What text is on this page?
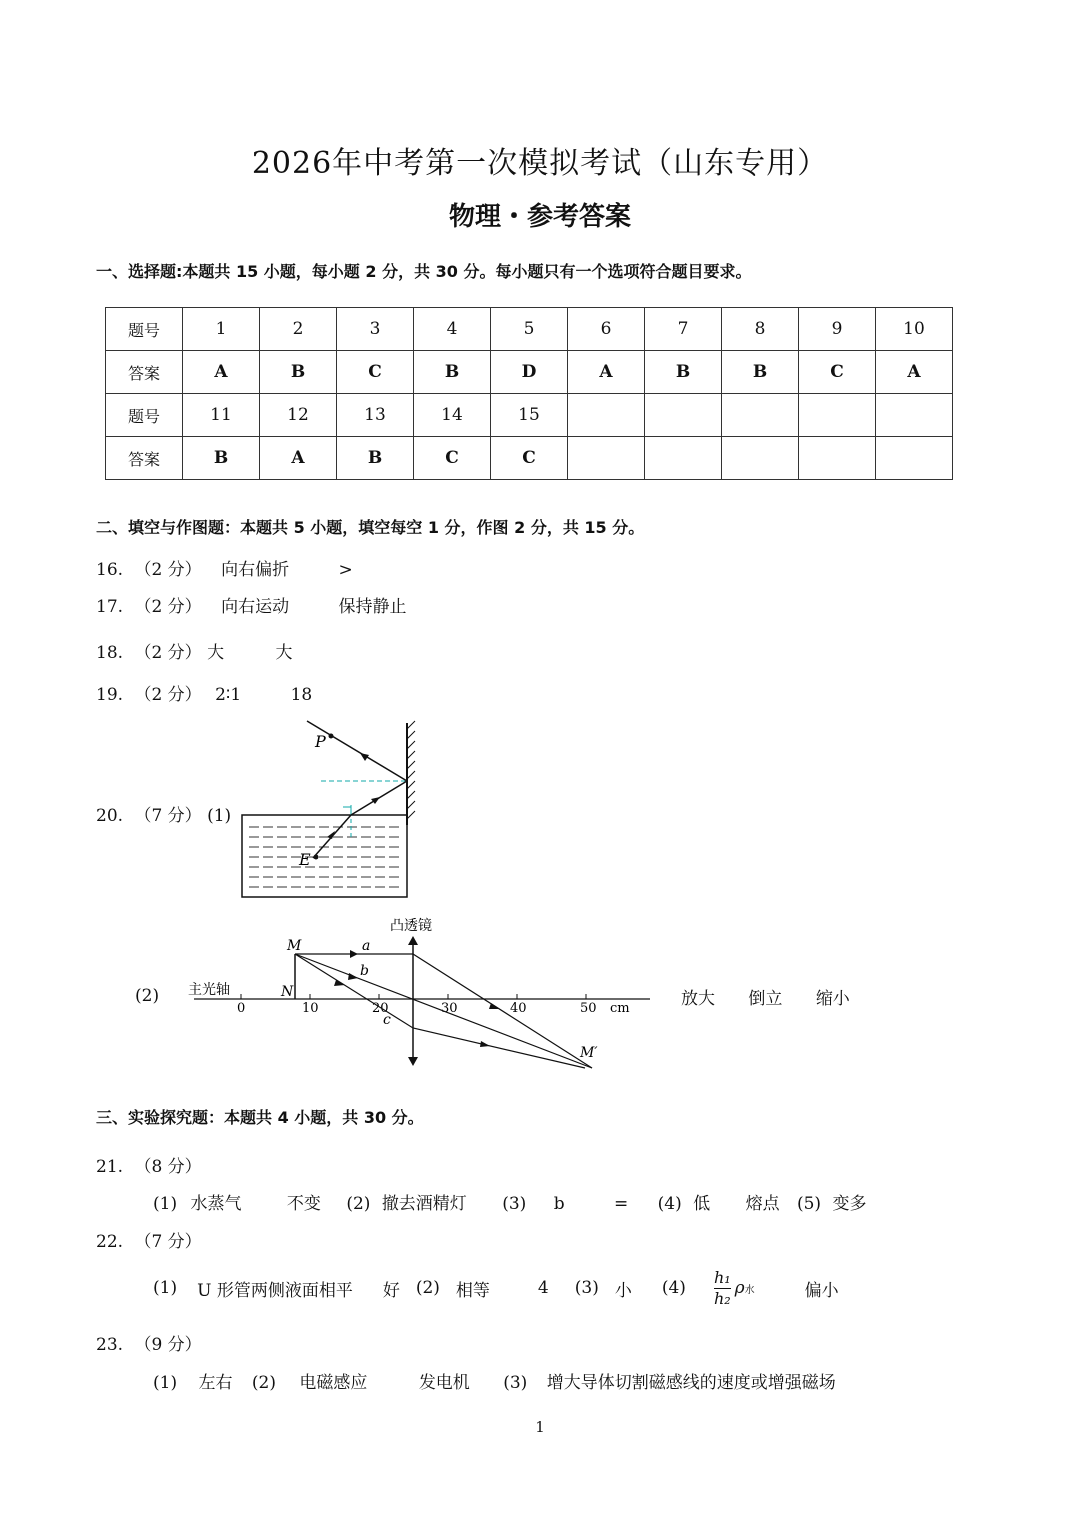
2026年中考第一次模拟考试（山东专用）
物理・参考答案
一、选择题:本题共 15 小题，每小题 2 分，共 30 分。每小题只有一个选项符合题目要求。
题号	1	2	3	4	5	6	7	8	9	10
答案	A	B	C	B	D	A	B	B	C	A
题号	11	12	13	14	15					
答案	B	A	B	C	C					
二、填空与作图题：本题共 5 小题，填空每空 1 分，作图 2 分，共 15 分。
16. （2 分） 向右偏折	>
17. （2 分） 向右运动	保持静止
18. （2 分） 大	大
19. （2 分） 2∶1	18
20. （7 分） (1)
P
E
(2)
凸透镜
主光轴
0	10	20	30	40	50 cm
M
N
a
b
c
M′
放大 倒立 缩小
三、实验探究题：本题共 4 小题，共 30 分。
21. （8 分）
(1) 水蒸气	不变 (2) 撤去酒精灯 (3) b	= (4) 低 熔点 (5) 变多
22. （7 分）
(1) U 形管两侧液面相平 好 (2) 相等	4 (3) 小 $(4) \frac{\text{h₁}}{\text{h₂}}$ ρ 水	偏小
23. （9 分）
(1) 左右 (2) 电磁感应	发电机 (3) 增大导体切割磁感线的速度或增强磁场
1
